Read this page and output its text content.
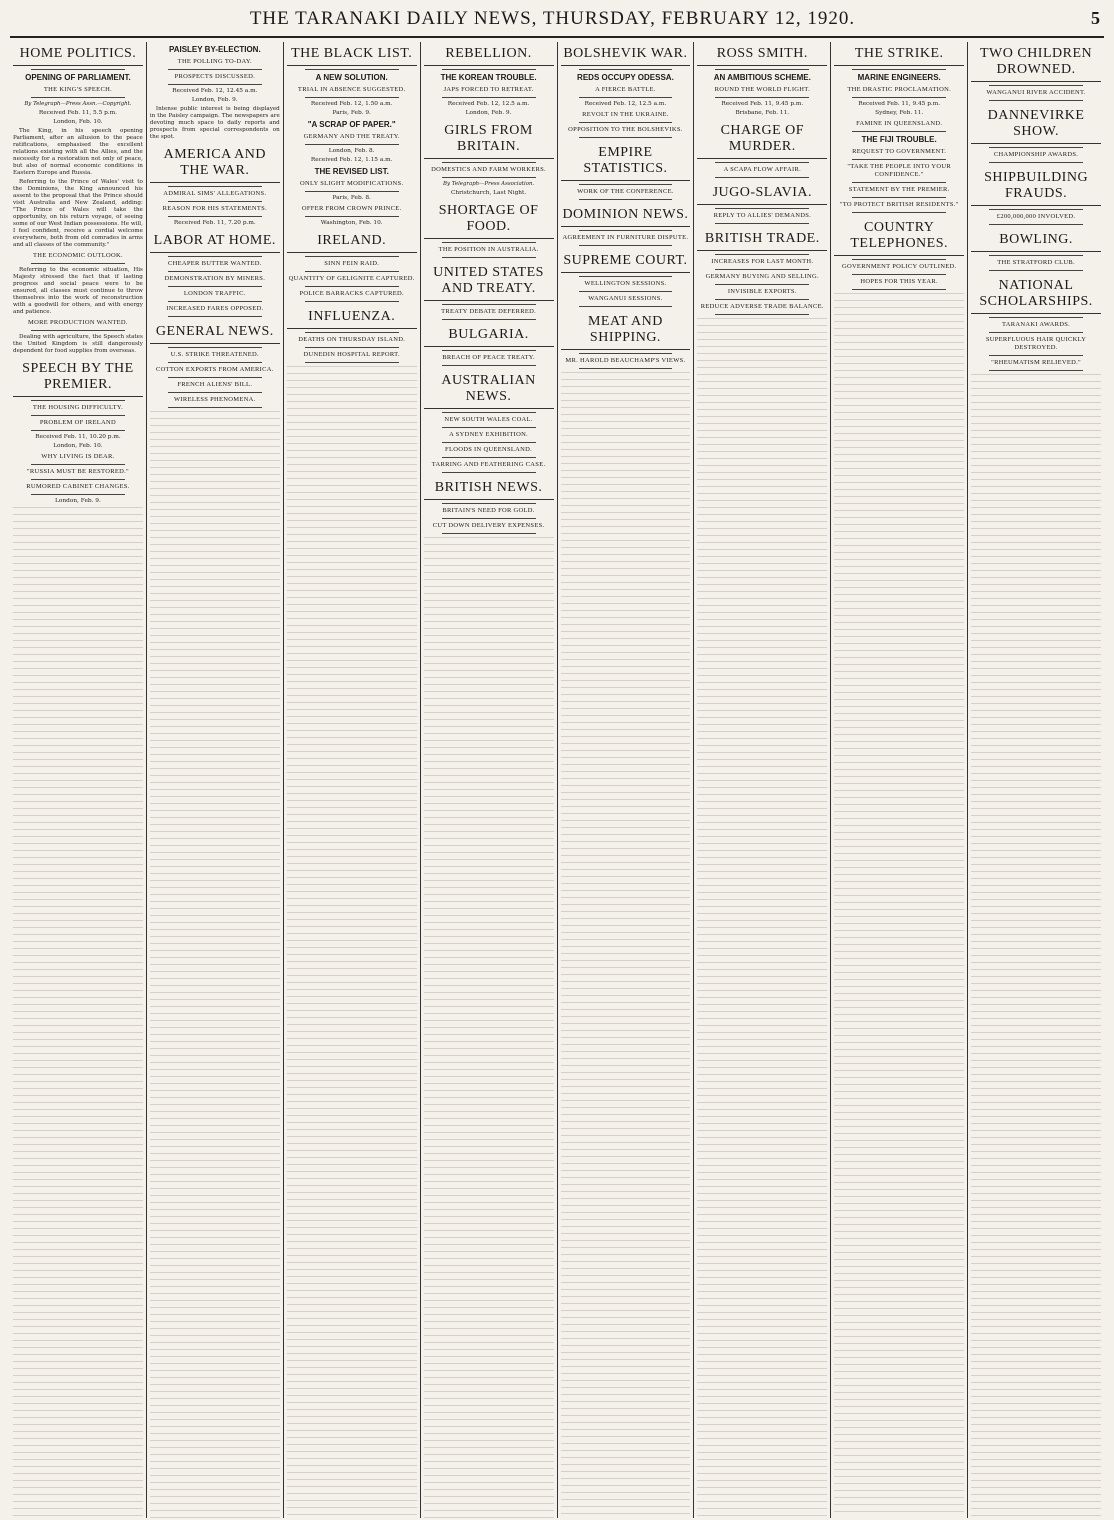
THE TARANAKI DAILY NEWS, THURSDAY, FEBRUARY 12, 1920.	5
HOME POLITICS.
OPENING OF PARLIAMENT.
THE KING'S SPEECH.
By Telegraph—Press Assn.—Copyright.
Received Feb. 11, 5.5 p.m.
London, Feb. 10.
The King, in his speech opening Parliament, after an allusion to the peace ratifications, emphasised the excellent relations existing with all the Allies, and the necessity for a restoration not only of peace, but also of normal economic conditions in Eastern Europe and Russia.
Referring to the Prince of Wales' visit to the Dominions, the King announced his assent to the proposal that the Prince should visit Australia and New Zealand, adding: "The Prince of Wales will take the opportunity, on his return voyage, of seeing some of our West Indian possessions. He will, I feel confident, receive a cordial welcome everywhere, both from old comrades in arms and all classes of the community."
THE ECONOMIC OUTLOOK.
Referring to the economic situation, His Majesty stressed the fact that if lasting progress and social peace were to be ensured, all classes must continue to throw themselves into the work of reconstruction with a goodwill for others, and with energy and patience.
MORE PRODUCTION WANTED.
Dealing with agriculture, the Speech states the United Kingdom is still dangerously dependent for food supplies from overseas.
SPEECH BY THE PREMIER.
THE HOUSING DIFFICULTY.
PROBLEM OF IRELAND
Received Feb. 11, 10.20 p.m.
London, Feb. 10.
WHY LIVING IS DEAR.
"RUSSIA MUST BE RESTORED."
RUMORED CABINET CHANGES.
London, Feb. 9.
PAISLEY BY-ELECTION.
THE POLLING TO-DAY.
PROSPECTS DISCUSSED.
Received Feb. 12, 12.45 a.m.
London, Feb. 9.
Intense public interest is being displayed in the Paisley campaign. The newspapers are devoting much space to daily reports and prospects from special correspondents on the spot.
AMERICA AND THE WAR.
ADMIRAL SIMS' ALLEGATIONS.
REASON FOR HIS STATEMENTS.
Received Feb. 11, 7.20 p.m.
LABOR AT HOME.
CHEAPER BUTTER WANTED.
DEMONSTRATION BY MINERS.
LONDON TRAFFIC.
INCREASED FARES OPPOSED.
GENERAL NEWS.
U.S. STRIKE THREATENED.
COTTON EXPORTS FROM AMERICA.
FRENCH ALIENS' BILL.
WIRELESS PHENOMENA.
THE BLACK LIST.
A NEW SOLUTION.
TRIAL IN ABSENCE SUGGESTED.
Received Feb. 12, 1.50 a.m.
Paris, Feb. 9.
"A SCRAP OF PAPER."
GERMANY AND THE TREATY.
London, Feb. 8.
Received Feb. 12, 1.15 a.m.
THE REVISED LIST.
ONLY SLIGHT MODIFICATIONS.
Paris, Feb. 8.
OFFER FROM CROWN PRINCE.
Washington, Feb. 10.
IRELAND.
SINN FEIN RAID.
QUANTITY OF GELIGNITE CAPTURED.
POLICE BARRACKS CAPTURED.
INFLUENZA.
DEATHS ON THURSDAY ISLAND.
DUNEDIN HOSPITAL REPORT.
REBELLION.
THE KOREAN TROUBLE.
JAPS FORCED TO RETREAT.
Received Feb. 12, 12.5 a.m.
London, Feb. 9.
GIRLS FROM BRITAIN.
DOMESTICS AND FARM WORKERS.
By Telegraph—Press Association.
Christchurch, Last Night.
SHORTAGE OF FOOD.
THE POSITION IN AUSTRALIA.
UNITED STATES AND TREATY.
TREATY DEBATE DEFERRED.
BULGARIA.
BREACH OF PEACE TREATY.
AUSTRALIAN NEWS.
NEW SOUTH WALES COAL.
A SYDNEY EXHIBITION.
FLOODS IN QUEENSLAND.
TARRING AND FEATHERING CASE.
BRITISH NEWS.
BRITAIN'S NEED FOR GOLD.
CUT DOWN DELIVERY EXPENSES.
BOLSHEVIK WAR.
REDS OCCUPY ODESSA.
A FIERCE BATTLE.
Received Feb. 12, 12.5 a.m.
REVOLT IN THE UKRAINE.
OPPOSITION TO THE BOLSHEVIKS.
EMPIRE STATISTICS.
WORK OF THE CONFERENCE.
DOMINION NEWS.
AGREEMENT IN FURNITURE DISPUTE.
SUPREME COURT.
WELLINGTON SESSIONS.
WANGANUI SESSIONS.
MEAT AND SHIPPING.
MR. HAROLD BEAUCHAMP'S VIEWS.
ROSS SMITH.
AN AMBITIOUS SCHEME.
ROUND THE WORLD FLIGHT.
Received Feb. 11, 9.45 p.m.
Brisbane, Feb. 11.
CHARGE OF MURDER.
A SCAPA FLOW AFFAIR.
JUGO-SLAVIA.
REPLY TO ALLIES' DEMANDS.
BRITISH TRADE.
INCREASES FOR LAST MONTH.
GERMANY BUYING AND SELLING.
INVISIBLE EXPORTS.
REDUCE ADVERSE TRADE BALANCE.
THE STRIKE.
MARINE ENGINEERS.
THE DRASTIC PROCLAMATION.
Received Feb. 11, 9.45 p.m.
Sydney, Feb. 11.
FAMINE IN QUEENSLAND.
THE FIJI TROUBLE.
REQUEST TO GOVERNMENT.
"TAKE THE PEOPLE INTO YOUR CONFIDENCE."
STATEMENT BY THE PREMIER.
"TO PROTECT BRITISH RESIDENTS."
COUNTRY TELEPHONES.
GOVERNMENT POLICY OUTLINED.
HOPES FOR THIS YEAR.
TWO CHILDREN DROWNED.
WANGANUI RIVER ACCIDENT.
DANNEVIRKE SHOW.
CHAMPIONSHIP AWARDS.
SHIPBUILDING FRAUDS.
£200,000,000 INVOLVED.
BOWLING.
THE STRATFORD CLUB.
NATIONAL SCHOLARSHIPS.
TARANAKI AWARDS.
SUPERFLUOUS HAIR QUICKLY DESTROYED.
"RHEUMATISM RELIEVED."
